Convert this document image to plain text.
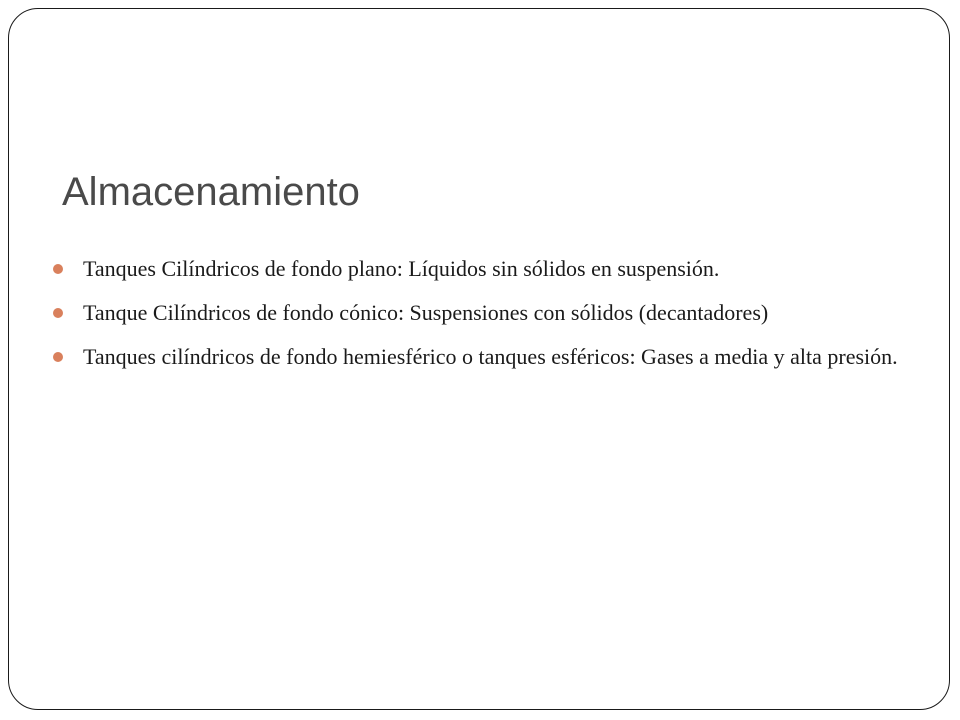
Almacenamiento
Tanques Cilíndricos de fondo plano: Líquidos sin sólidos en suspensión.
Tanque Cilíndricos de fondo cónico: Suspensiones con sólidos (decantadores)
Tanques cilíndricos de fondo hemiesférico o tanques esféricos: Gases a media y alta presión.
